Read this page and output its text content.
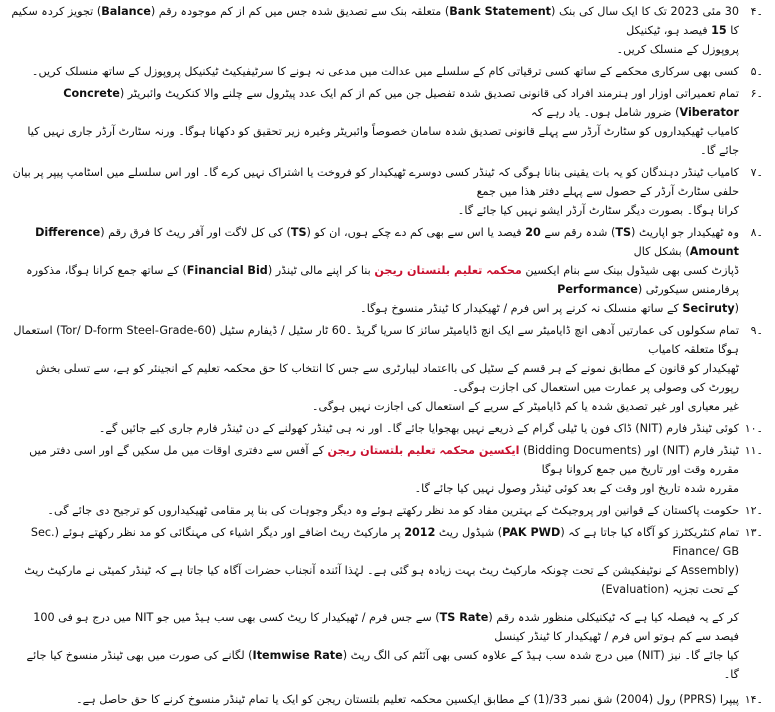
۴۔

30 مئی 2023 تک کا ایک سال کی بنک (Bank Statement) متعلقہ بنک سے تصدیق شدہ جس میں کم از کم موجودہ رقم (Balance) تجویز کردہ سکیم کا 15 فیصد ہو، ٹیکنیکل

پروپوزل کے منسلک کریں۔

۵۔

کسی بھی سرکاری محکمے کے ساتھ کسی ترقیاتی کام کے سلسلے میں عدالت میں مدعی نہ ہونے کا سرٹیفیکیٹ ٹیکنیکل پروپوزل کے ساتھ منسلک کریں۔

۶۔

تمام تعمیراتی اوزار اور ہنرمند افراد کی قانونی تصدیق شدہ تفصیل جن میں کم از کم ایک عدد پیٹرول سے چلنے والا کنکریٹ وائبریٹر (Concrete Viberator) ضرور شامل ہوں۔ یاد رہے کہ

کامیاب ٹھیکیداروں کو سٹارٹ آرڈر سے پہلے قانونی تصدیق شدہ سامان خصوصاً وائبریٹر وغیرہ زیر تحقیق کو دکھانا ہوگا۔ ورنہ سٹارٹ آرڈر جاری نہیں کیا جائے گا۔

۷۔

کامیاب ٹینڈر دہندگان کو یہ بات یقینی بنانا ہوگی کہ ٹینڈر کسی دوسرے ٹھیکیدار کو فروخت یا اشتراک نہیں کرے گا۔ اور اس سلسلے میں اسٹامپ پیپر پر بیان حلفی سٹارٹ آرڈر کے حصول سے پہلے دفتر ھذا میں جمع

کرانا ہوگا۔ بصورت دیگر سٹارٹ آرڈر ایشو نہیں کیا جائے گا۔

۸۔

وہ ٹھیکیدار جو اپاریٹ (TS) شدہ رقم سے 20 فیصد یا اس سے بھی کم دے چکے ہوں، ان کو (TS) کی کل لاگت اور آفر ریٹ کا فرق رقم (Difference Amount) بشکل کال

ڈپازٹ کسی بھی شیڈول بینک سے بنام ایکسین محکمہ تعلیم بلتستان ریجن بنا کر اپنے مالی ٹینڈر (Financial Bid) کے ساتھ جمع کرانا ہوگا، مذکورہ پرفارمنس سیکورٹی (Performance

(Seciruty کے ساتھ منسلک نہ کرنے پر اس فرم / ٹھیکیدار کا ٹینڈر منسوخ ہوگا۔

۹۔

تمام سکولوں کی عمارتیں آدھی انچ ڈایامیٹر سے ایک انچ ڈایامیٹر سائز کا سریا گریڈ ۔60 ٹار سٹیل / ڈیفارم سٹیل (Tor/ D-form Steel-Grade-60) استعمال ہوگا متعلقہ کامیاب

ٹھیکیدار کو قانون کے مطابق نمونے کے ہر قسم کے سٹیل کی بااعتماد لیبارٹری سے جس کا انتخاب کا حق محکمہ تعلیم کے انجینئر کو ہے، سے تسلی بخش رپورٹ کی وصولی پر عمارت میں استعمال کی اجازت ہوگی۔

غیر معیاری اور غیر تصدیق شدہ یا کم ڈایامیٹر کے سریے کے استعمال کی اجازت نہیں ہوگی۔

۱۰۔

کوئی ٹینڈر فارم (NIT) ڈاک فون یا ٹیلی گرام کے ذریعے نہیں بھجوایا جائے گا۔ اور نہ ہی ٹینڈر کھولنے کے دن ٹینڈر فارم جاری کیے جائیں گے۔

۱۱۔

ٹینڈر فارم (NIT) اور (Bidding Documents) ایکسین محکمہ تعلیم بلتستان ریجن کے آفس سے دفتری اوقات میں مل سکیں گے اور اسی دفتر میں مقررہ وقت اور تاریخ میں جمع کروانا ہوگا

مقررہ شدہ تاریخ اور وقت کے بعد کوئی ٹینڈر وصول نہیں کیا جائے گا۔

۱۲۔

حکومت پاکستان کے قوانین اور پروجیکٹ کے بہترین مفاد کو مد نظر رکھتے ہوئے وہ دیگر وجوہات کی بنا پر مقامی ٹھیکیداروں کو ترجیح دی جائے گی۔

۱۳۔

تمام کنٹریکٹرز کو آگاہ کیا جاتا ہے کہ (PAK PWD) شیڈول ریٹ 2012 پر مارکیٹ ریٹ اضافے اور دیگر اشیاء کی مہنگائی کو مد نظر رکھتے ہوئے (Sec. Finance/ GB

(Assembly کے نوٹیفکیشن کے تحت چونکہ مارکیٹ ریٹ بہت زیادہ ہو گئی ہے۔ لہٰذا آئندہ آنجناب حضرات آگاہ کیا جاتا ہے کہ ٹینڈر کمیٹی نے مارکیٹ ریٹ کے تحت تجزیہ (Evaluation)

کر کے یہ فیصلہ کیا ہے کہ ٹیکنیکلی منظور شدہ رقم (TS Rate) سے جس فرم / ٹھیکیدار کا ریٹ کسی بھی سب ہیڈ میں جو NIT میں درج ہو فی 100 فیصد سے کم ہوتو اس فرم / ٹھیکیدار کا ٹینڈر کینسل

کیا جائے گا۔ نیز (NIT) میں درج شدہ سب ہیڈ کے علاوہ کسی بھی آئٹم کی الگ ریٹ (Itemwise Rate) لگانے کی صورت میں بھی ٹینڈر منسوخ کیا جائے گا۔

۱۴۔

پیپرا (PPRS) رول (2004) شق نمبر 33/(1) کے مطابق ایکسین محکمہ تعلیم بلتستان ریجن کو ایک یا تمام ٹینڈر منسوخ کرنے کا حق حاصل ہے۔
